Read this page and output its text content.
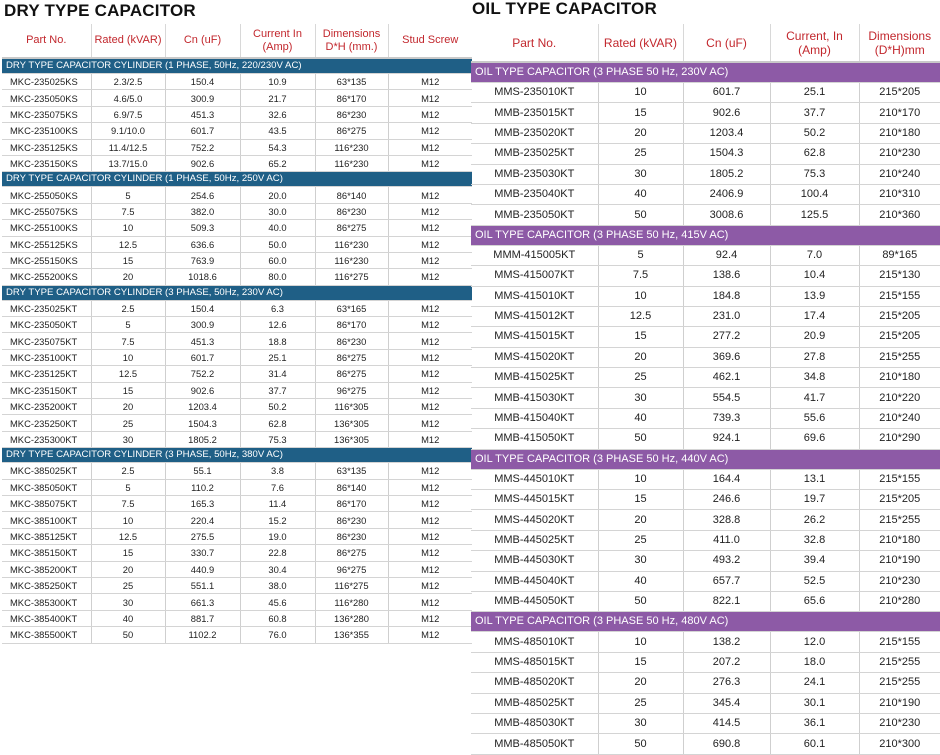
DRY TYPE CAPACITOR	OIL TYPE CAPACITOR
Part No.	Rated (kVAR)	Cn (uF)	Current In (Amp)	Dimensions D*H (mm.)	Stud Screw
DRY TYPE CAPACITOR CYLINDER (1 PHASE, 50Hz, 220/230V AC)					
MKC-235025KS	2.3/2.5	150.4	10.9	63*135	M12
MKC-235050KS	4.6/5.0	300.9	21.7	86*170	M12
MKC-235075KS	6.9/7.5	451.3	32.6	86*230	M12
MKC-235100KS	9.1/10.0	601.7	43.5	86*275	M12
MKC-235125KS	11.4/12.5	752.2	54.3	116*230	M12
MKC-235150KS	13.7/15.0	902.6	65.2	116*230	M12
DRY TYPE CAPACITOR CYLINDER (1 PHASE, 50Hz, 250V AC)					
MKC-255050KS	5	254.6	20.0	86*140	M12
MKC-255075KS	7.5	382.0	30.0	86*230	M12
MKC-255100KS	10	509.3	40.0	86*275	M12
MKC-255125KS	12.5	636.6	50.0	116*230	M12
MKC-255150KS	15	763.9	60.0	116*230	M12
MKC-255200KS	20	1018.6	80.0	116*275	M12
DRY TYPE CAPACITOR CYLINDER (3 PHASE, 50Hz, 230V AC)					
MKC-235025KT	2.5	150.4	6.3	63*165	M12
MKC-235050KT	5	300.9	12.6	86*170	M12
MKC-235075KT	7.5	451.3	18.8	86*230	M12
MKC-235100KT	10	601.7	25.1	86*275	M12
MKC-235125KT	12.5	752.2	31.4	86*275	M12
MKC-235150KT	15	902.6	37.7	96*275	M12
MKC-235200KT	20	1203.4	50.2	116*305	M12
MKC-235250KT	25	1504.3	62.8	136*305	M12
MKC-235300KT	30	1805.2	75.3	136*305	M12
DRY TYPE CAPACITOR CYLINDER (3 PHASE, 50Hz, 380V AC)					
MKC-385025KT	2.5	55.1	3.8	63*135	M12
MKC-385050KT	5	110.2	7.6	86*140	M12
MKC-385075KT	7.5	165.3	11.4	86*170	M12
MKC-385100KT	10	220.4	15.2	86*230	M12
MKC-385125KT	12.5	275.5	19.0	86*230	M12
MKC-385150KT	15	330.7	22.8	86*275	M12
MKC-385200KT	20	440.9	30.4	96*275	M12
MKC-385250KT	25	551.1	38.0	116*275	M12
MKC-385300KT	30	661.3	45.6	116*280	M12
MKC-385400KT	40	881.7	60.8	136*280	M12
MKC-385500KT	50	1102.2	76.0	136*355	M12
Part No.	Rated (kVAR)	Cn (uF)	Current, In (Amp)	Dimensions (D*H)mm
OIL TYPE CAPACITOR (3 PHASE 50 Hz, 230V AC)				
MMS-235010KT	10	601.7	25.1	215*205
MMB-235015KT	15	902.6	37.7	210*170
MMB-235020KT	20	1203.4	50.2	210*180
MMB-235025KT	25	1504.3	62.8	210*230
MMB-235030KT	30	1805.2	75.3	210*240
MMB-235040KT	40	2406.9	100.4	210*310
MMB-235050KT	50	3008.6	125.5	210*360
OIL TYPE CAPACITOR (3 PHASE 50 Hz, 415V AC)				
MMM-415005KT	5	92.4	7.0	89*165
MMS-415007KT	7.5	138.6	10.4	215*130
MMS-415010KT	10	184.8	13.9	215*155
MMS-415012KT	12.5	231.0	17.4	215*205
MMS-415015KT	15	277.2	20.9	215*205
MMS-415020KT	20	369.6	27.8	215*255
MMB-415025KT	25	462.1	34.8	210*180
MMB-415030KT	30	554.5	41.7	210*220
MMB-415040KT	40	739.3	55.6	210*240
MMB-415050KT	50	924.1	69.6	210*290
OIL TYPE CAPACITOR (3 PHASE 50 Hz, 440V AC)				
MMS-445010KT	10	164.4	13.1	215*155
MMS-445015KT	15	246.6	19.7	215*205
MMS-445020KT	20	328.8	26.2	215*255
MMB-445025KT	25	411.0	32.8	210*180
MMB-445030KT	30	493.2	39.4	210*190
MMB-445040KT	40	657.7	52.5	210*230
MMB-445050KT	50	822.1	65.6	210*280
OIL TYPE CAPACITOR (3 PHASE 50 Hz, 480V AC)				
MMS-485010KT	10	138.2	12.0	215*155
MMS-485015KT	15	207.2	18.0	215*255
MMB-485020KT	20	276.3	24.1	215*255
MMB-485025KT	25	345.4	30.1	210*190
MMB-485030KT	30	414.5	36.1	210*230
MMB-485050KT	50	690.8	60.1	210*300
